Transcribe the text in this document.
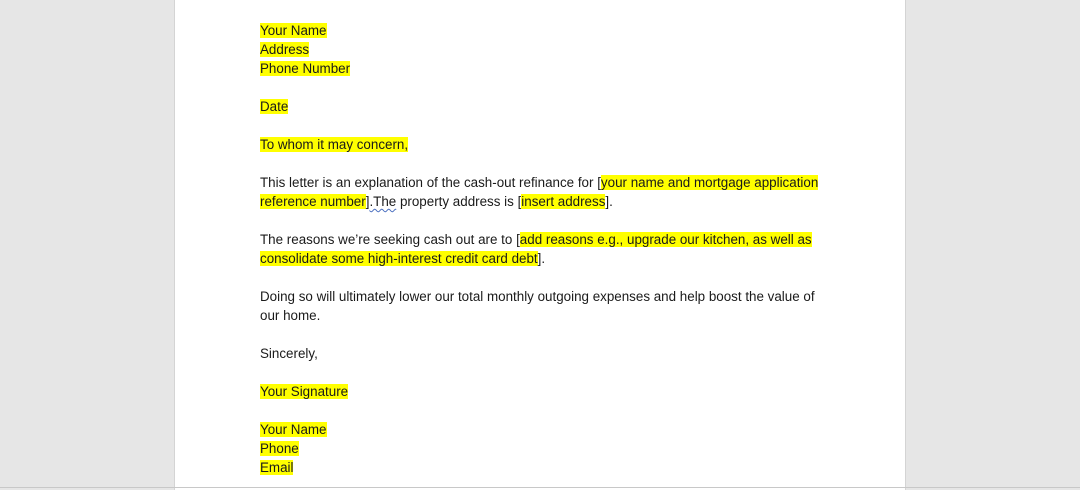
Your Name
Address
Phone Number
Date
To whom it may concern,
This letter is an explanation of the cash-out refinance for [your name and mortgage application
reference number].The property address is [insert address].
The reasons we’re seeking cash out are to [add reasons e.g., upgrade our kitchen, as well as
consolidate some high-interest credit card debt].
Doing so will ultimately lower our total monthly outgoing expenses and help boost the value of
our home.
Sincerely,
Your Signature
Your Name
Phone
Email
